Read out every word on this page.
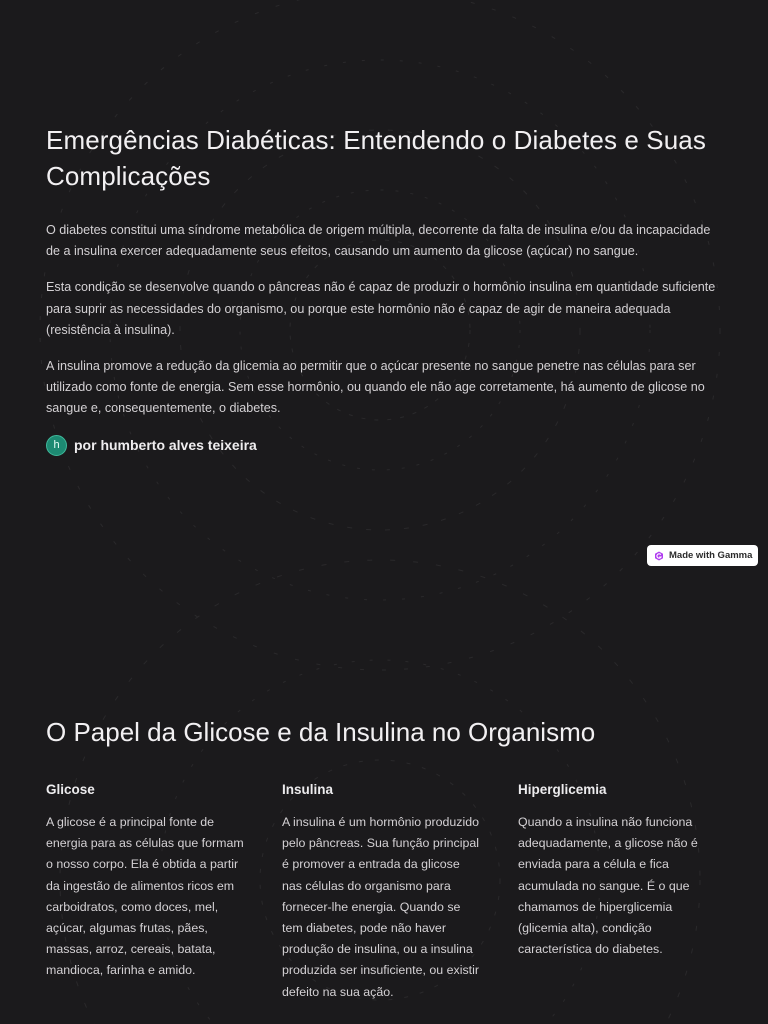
Emergências Diabéticas: Entendendo o Diabetes e Suas Complicações

O diabetes constitui uma síndrome metabólica de origem múltipla, decorrente da falta de insulina e/ou da incapacidade de a insulina exercer adequadamente seus efeitos, causando um aumento da glicose (açúcar) no sangue.

Esta condição se desenvolve quando o pâncreas não é capaz de produzir o hormônio insulina em quantidade suficiente para suprir as necessidades do organismo, ou porque este hormônio não é capaz de agir de maneira adequada (resistência à insulina).

A insulina promove a redução da glicemia ao permitir que o açúcar presente no sangue penetre nas células para ser utilizado como fonte de energia. Sem esse hormônio, ou quando ele não age corretamente, há aumento de glicose no sangue e, consequentemente, o diabetes.

h	por humberto alves teixeira
Made with Gamma
O Papel da Glicose e da Insulina no Organismo
Glicose

A glicose é a principal fonte de energia para as células que formam o nosso corpo. Ela é obtida a partir da ingestão de alimentos ricos em carboidratos, como doces, mel, açúcar, algumas frutas, pães, massas, arroz, cereais, batata, mandioca, farinha e amido.

Insulina

A insulina é um hormônio produzido pelo pâncreas. Sua função principal é promover a entrada da glicose nas células do organismo para fornecer-lhe energia. Quando se tem diabetes, pode não haver produção de insulina, ou a insulina produzida ser insuficiente, ou existir defeito na sua ação.

Hiperglicemia

Quando a insulina não funciona adequadamente, a glicose não é enviada para a célula e fica acumulada no sangue. É o que chamamos de hiperglicemia (glicemia alta), condição característica do diabetes.
